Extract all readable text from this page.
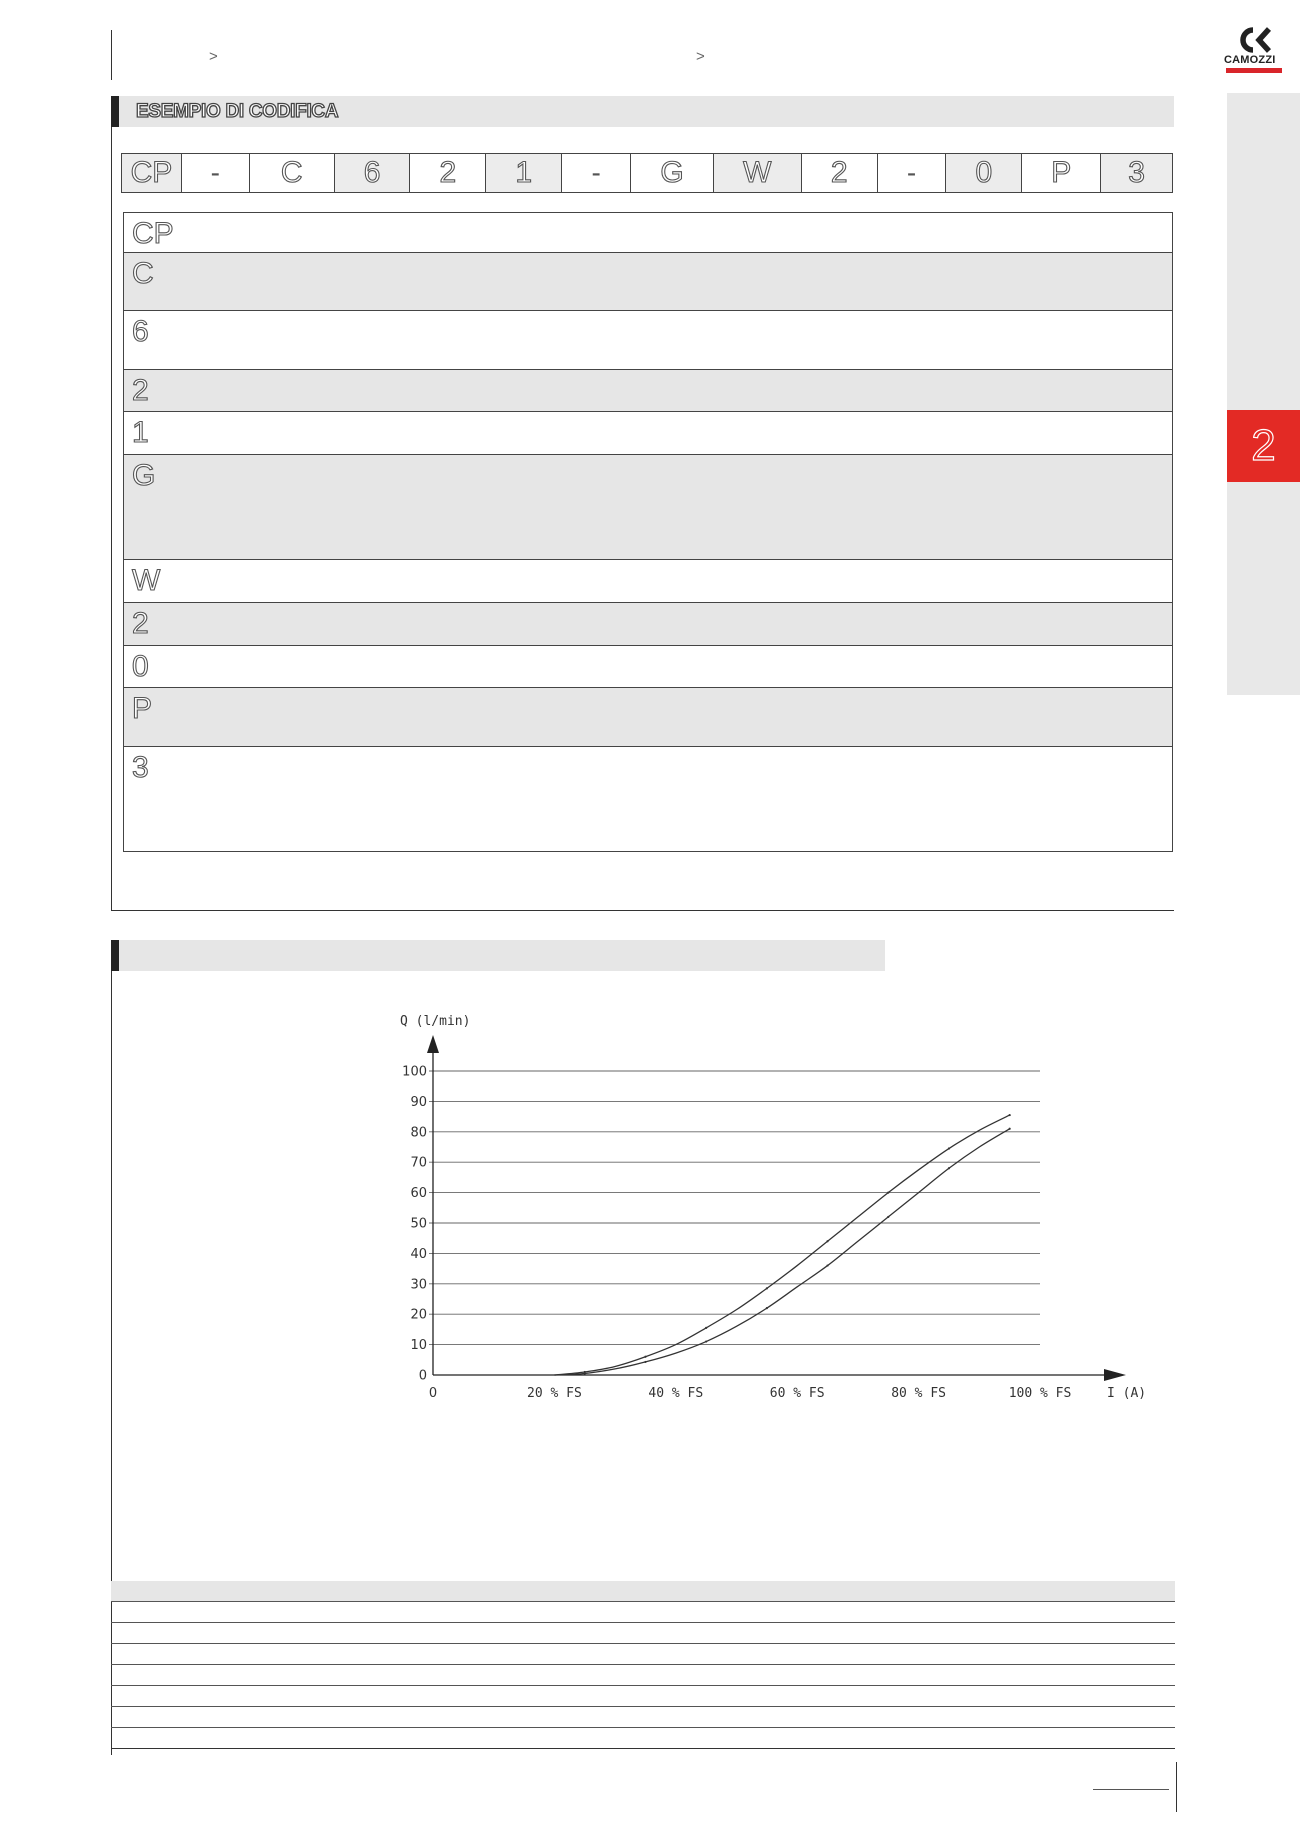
>	>	CAMOZZI
2
ESEMPIO DI CODIFICA
CP	-	C	6	2	1	-	G	W	2	-	0	P	3
CP
C
6
2
1
G
W
2
0
P
3
0
10
20
30
40
50
60
70
80
90
100
0	20 % FS	40 % FS	60 % FS	80 % FS	100 % FS
Q (l/min)
I (A)
